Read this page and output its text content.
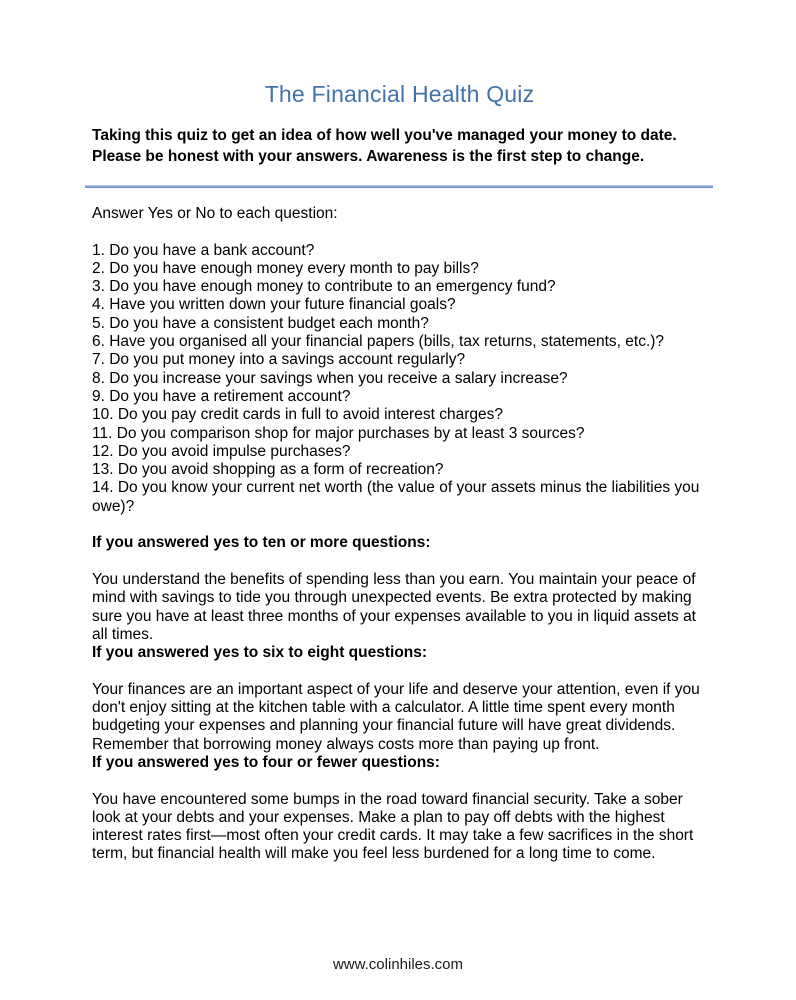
The Financial Health Quiz

Taking this quiz to get an idea of how well you've managed your money to date. Please be honest with your answers. Awareness is the first step to change.

Answer Yes or No to each question:

1. Do you have a bank account?
2. Do you have enough money every month to pay bills?
3. Do you have enough money to contribute to an emergency fund?
4. Have you written down your future financial goals?
5. Do you have a consistent budget each month?
6. Have you organised all your financial papers (bills, tax returns, statements, etc.)?
7. Do you put money into a savings account regularly?
8. Do you increase your savings when you receive a salary increase?
9. Do you have a retirement account?
10. Do you pay credit cards in full to avoid interest charges?
11. Do you comparison shop for major purchases by at least 3 sources?
12. Do you avoid impulse purchases?
13. Do you avoid shopping as a form of recreation?
14. Do you know your current net worth (the value of your assets minus the liabilities you owe)?

If you answered yes to ten or more questions:

You understand the benefits of spending less than you earn. You maintain your peace of mind with savings to tide you through unexpected events. Be extra protected by making sure you have at least three months of your expenses available to you in liquid assets at all times.

If you answered yes to six to eight questions:

Your finances are an important aspect of your life and deserve your attention, even if you don't enjoy sitting at the kitchen table with a calculator. A little time spent every month budgeting your expenses and planning your financial future will have great dividends. Remember that borrowing money always costs more than paying up front.

If you answered yes to four or fewer questions:

You have encountered some bumps in the road toward financial security. Take a sober look at your debts and your expenses. Make a plan to pay off debts with the highest interest rates first—most often your credit cards. It may take a few sacrifices in the short term, but financial health will make you feel less burdened for a long time to come.

www.colinhiles.com
